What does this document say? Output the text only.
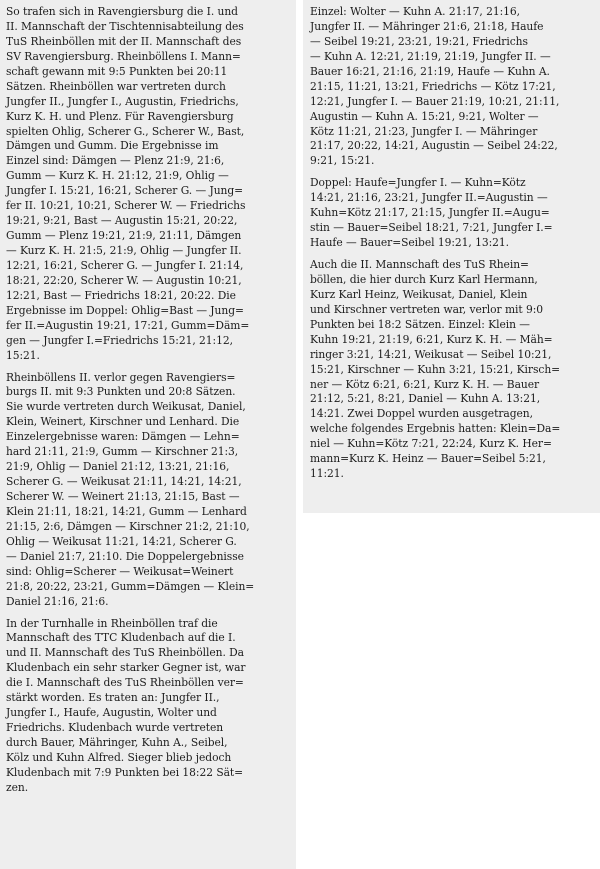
So trafen sich in Ravengiersburg die I. und
II. Mannschaft der Tischtennisabteilung des
TuS Rheinböllen mit der II. Mannschaft des
SV Ravengiersburg. Rheinböllens I. Mann=
schaft gewann mit 9:5 Punkten bei 20:11
Sätzen. Rheinböllen war vertreten durch
Jungfer II., Jungfer I., Augustin, Friedrichs,
Kurz K. H. und Plenz. Für Ravengiersburg
spielten Ohlig, Scherer G., Scherer W., Bast,
Dämgen und Gumm. Die Ergebnisse im
Einzel sind: Dämgen — Plenz 21:9, 21:6,
Gumm — Kurz K. H. 21:12, 21:9, Ohlig —
Jungfer I. 15:21, 16:21, Scherer G. — Jung=
fer II. 10:21, 10:21, Scherer W. — Friedrichs
19:21, 9:21, Bast — Augustin 15:21, 20:22,
Gumm — Plenz 19:21, 21:9, 21:11, Dämgen
— Kurz K. H. 21:5, 21:9, Ohlig — Jungfer II.
12:21, 16:21, Scherer G. — Jungfer I. 21:14,
18:21, 22:20, Scherer W. — Augustin 10:21,
12:21, Bast — Friedrichs 18:21, 20:22. Die
Ergebnisse im Doppel: Ohlig=Bast — Jung=
fer II.=Augustin 19:21, 17:21, Gumm=Däm=
gen — Jungfer I.=Friedrichs 15:21, 21:12,
15:21.
Rheinböllens II. verlor gegen Ravengiers=
burgs II. mit 9:3 Punkten und 20:8 Sätzen.
Sie wurde vertreten durch Weikusat, Daniel,
Klein, Weinert, Kirschner und Lenhard. Die
Einzelergebnisse waren: Dämgen — Lehn=
hard 21:11, 21:9, Gumm — Kirschner 21:3,
21:9, Ohlig — Daniel 21:12, 13:21, 21:16,
Scherer G. — Weikusat 21:11, 14:21, 14:21,
Scherer W. — Weinert 21:13, 21:15, Bast —
Klein 21:11, 18:21, 14:21, Gumm — Lenhard
21:15, 2:6, Dämgen — Kirschner 21:2, 21:10,
Ohlig — Weikusat 11:21, 14:21, Scherer G.
— Daniel 21:7, 21:10. Die Doppelergebnisse
sind: Ohlig=Scherer — Weikusat=Weinert
21:8, 20:22, 23:21, Gumm=Dämgen — Klein=
Daniel 21:16, 21:6.
In der Turnhalle in Rheinböllen traf die
Mannschaft des TTC Kludenbach auf die I.
und II. Mannschaft des TuS Rheinböllen. Da
Kludenbach ein sehr starker Gegner ist, war
die I. Mannschaft des TuS Rheinböllen ver=
stärkt worden. Es traten an: Jungfer II.,
Jungfer I., Haufe, Augustin, Wolter und
Friedrichs. Kludenbach wurde vertreten
durch Bauer, Mähringer, Kuhn A., Seibel,
Kölz und Kuhn Alfred. Sieger blieb jedoch
Kludenbach mit 7:9 Punkten bei 18:22 Sät=
zen.
Einzel: Wolter — Kuhn A. 21:17, 21:16,
Jungfer II. — Mähringer 21:6, 21:18, Haufe
— Seibel 19:21, 23:21, 19:21, Friedrichs
— Kuhn A. 12:21, 21:19, 21:19, Jungfer II. —
Bauer 16:21, 21:16, 21:19, Haufe — Kuhn A.
21:15, 11:21, 13:21, Friedrichs — Kötz 17:21,
12:21, Jungfer I. — Bauer 21:19, 10:21, 21:11,
Augustin — Kuhn A. 15:21, 9:21, Wolter —
Kötz 11:21, 21:23, Jungfer I. — Mähringer
21:17, 20:22, 14:21, Augustin — Seibel 24:22,
9:21, 15:21.
Doppel: Haufe=Jungfer I. — Kuhn=Kötz
14:21, 21:16, 23:21, Jungfer II.=Augustin —
Kuhn=Kötz 21:17, 21:15, Jungfer II.=Augu=
stin — Bauer=Seibel 18:21, 7:21, Jungfer I.=
Haufe — Bauer=Seibel 19:21, 13:21.
Auch die II. Mannschaft des TuS Rhein=
böllen, die hier durch Kurz Karl Hermann,
Kurz Karl Heinz, Weikusat, Daniel, Klein
und Kirschner vertreten war, verlor mit 9:0
Punkten bei 18:2 Sätzen. Einzel: Klein —
Kuhn 19:21, 21:19, 6:21, Kurz K. H. — Mäh=
ringer 3:21, 14:21, Weikusat — Seibel 10:21,
15:21, Kirschner — Kuhn 3:21, 15:21, Kirsch=
ner — Kötz 6:21, 6:21, Kurz K. H. — Bauer
21:12, 5:21, 8:21, Daniel — Kuhn A. 13:21,
14:21. Zwei Doppel wurden ausgetragen,
welche folgendes Ergebnis hatten: Klein=Da=
niel — Kuhn=Kötz 7:21, 22:24, Kurz K. Her=
mann=Kurz K. Heinz — Bauer=Seibel 5:21,
11:21.
